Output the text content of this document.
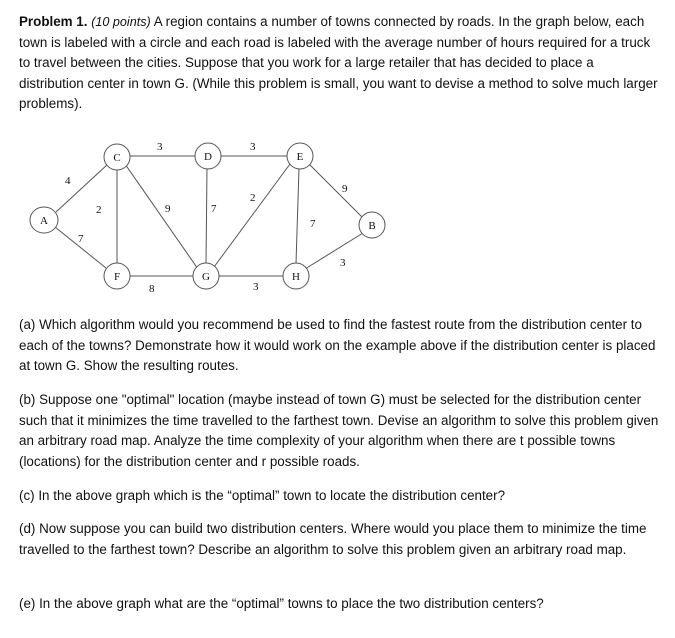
Problem 1. (10 points) A region contains a number of towns connected by roads. In the graph below, each town is labeled with a circle and each road is labeled with the average number of hours required for a truck to travel between the cities. Suppose that you work for a large retailer that has decided to place a distribution center in town G. (While this problem is small, you want to devise a method to solve much larger problems).

4
7
3
2	9
3
7
2
9
7
8	3
3
A
C	D	E
F	G	H
B

(a) Which algorithm would you recommend be used to find the fastest route from the distribution center to each of the towns? Demonstrate how it would work on the example above if the distribution center is placed at town G. Show the resulting routes.

(b) Suppose one "optimal" location (maybe instead of town G) must be selected for the distribution center such that it minimizes the time travelled to the farthest town. Devise an algorithm to solve this problem given an arbitrary road map. Analyze the time complexity of your algorithm when there are t possible towns (locations) for the distribution center and r possible roads.

(c) In the above graph which is the “optimal” town to locate the distribution center?

(d) Now suppose you can build two distribution centers. Where would you place them to minimize the time travelled to the farthest town? Describe an algorithm to solve this problem given an arbitrary road map.

(e) In the above graph what are the “optimal” towns to place the two distribution centers?
